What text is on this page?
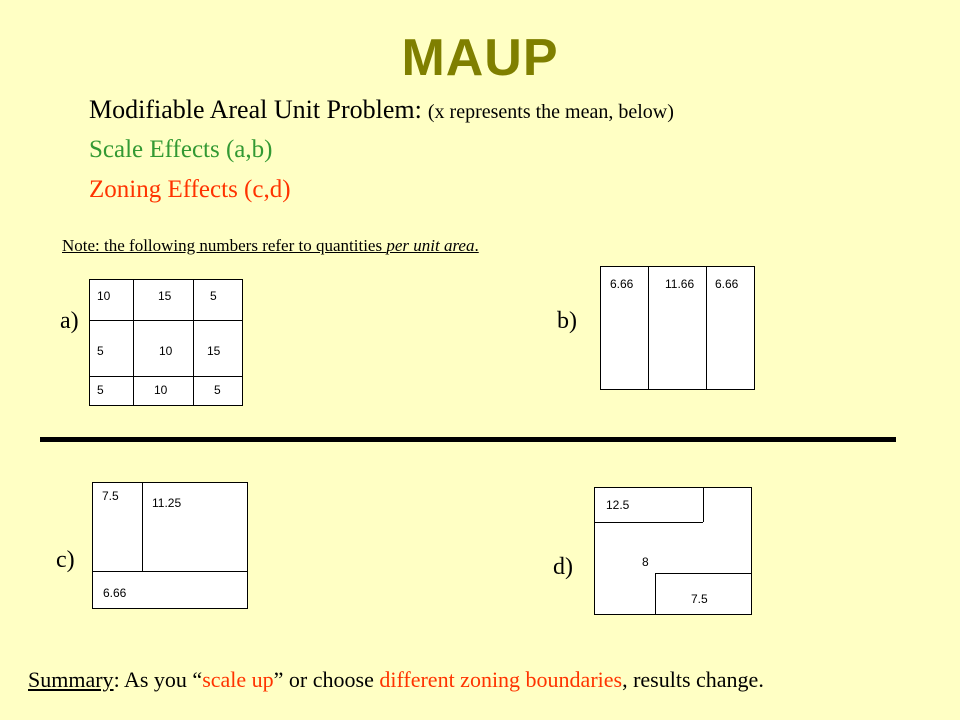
MAUP
Modifiable Areal Unit Problem: (x represents the mean, below)
Scale Effects (a,b)
Zoning Effects (c,d)
Note: the following numbers refer to quantities per unit area.
a)
10	15	5
5	10	15
5	10	5
b)
6.66	11.66 6.66
c)
7.5	11.25
6.66
d)
12.5
8
7.5
Summary: As you “scale up” or choose different zoning boundaries, results change.
